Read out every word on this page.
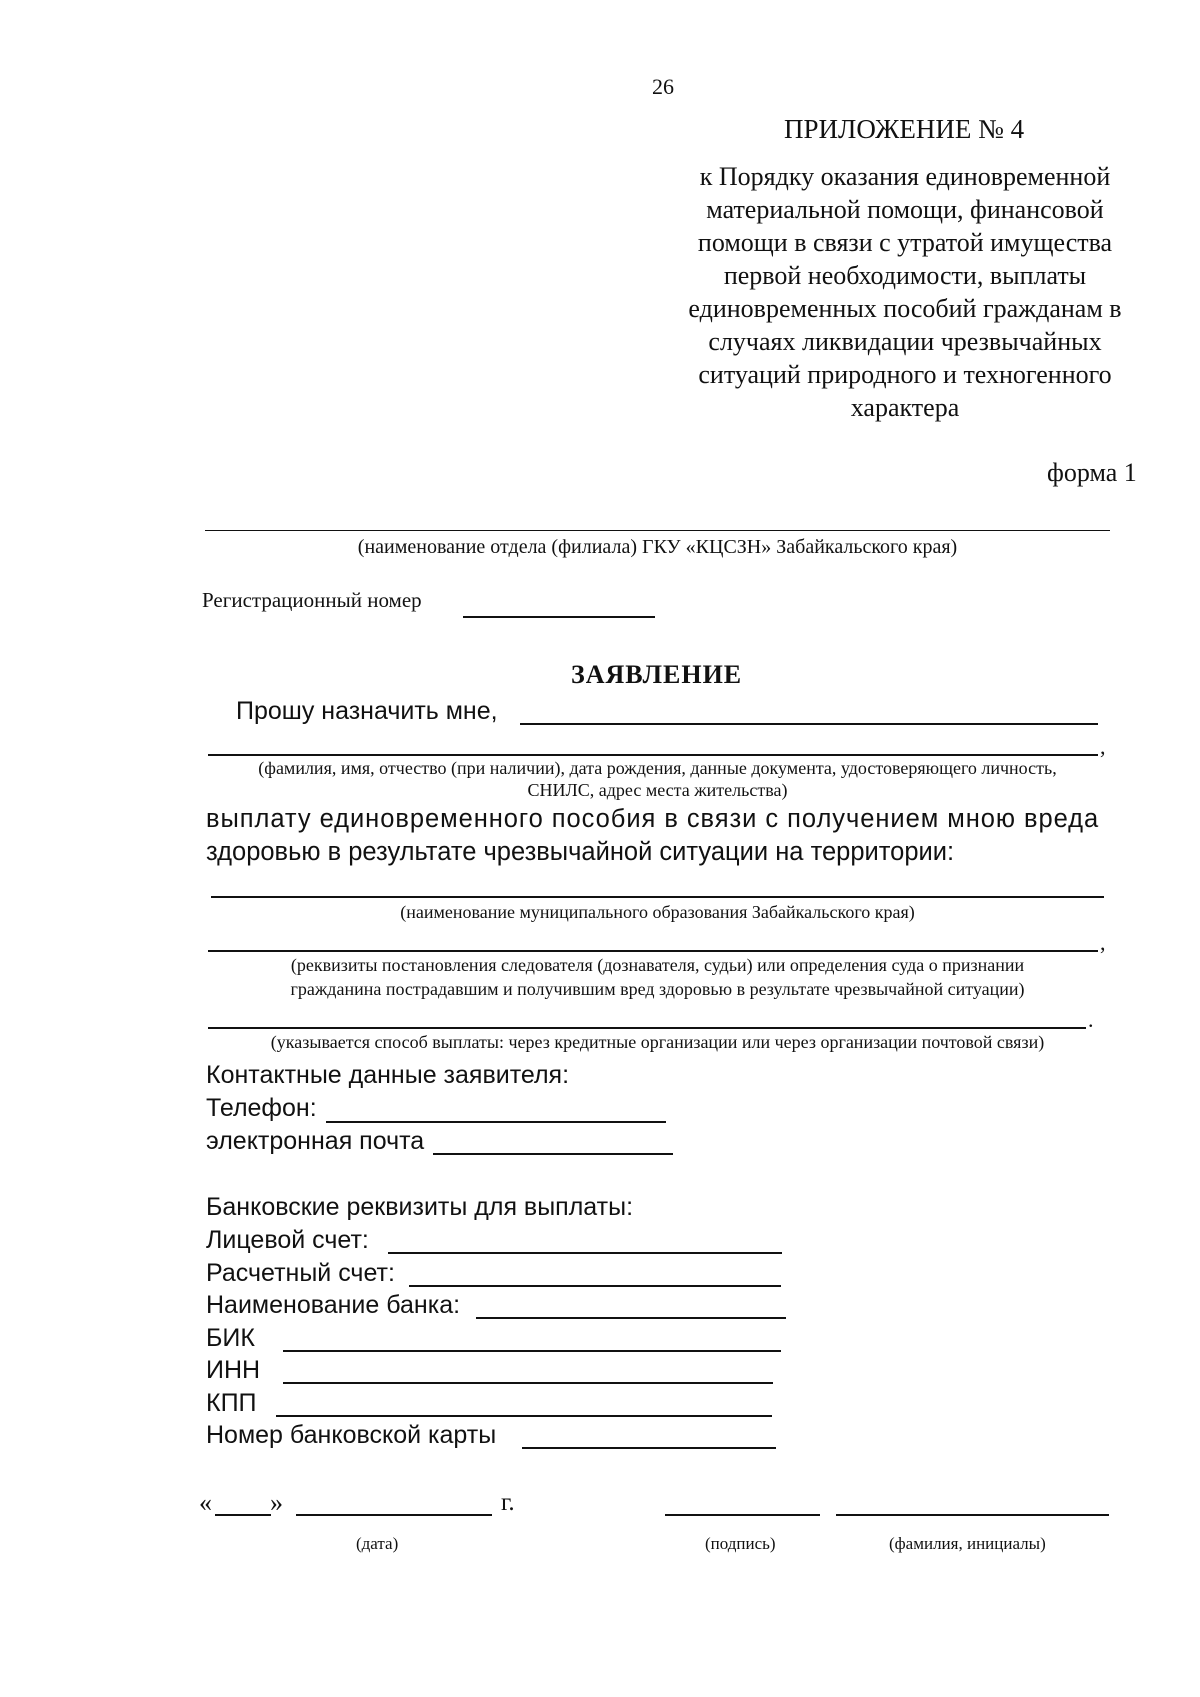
26
ПРИЛОЖЕНИЕ № 4
к Порядку оказания единовременной
материальной помощи, финансовой
помощи в связи с утратой имущества
первой необходимости, выплаты
единовременных пособий гражданам в
случаях ликвидации чрезвычайных
ситуаций природного и техногенного
характера
форма 1
(наименование отдела (филиала) ГКУ «КЦСЗН» Забайкальского края)
Регистрационный номер
ЗАЯВЛЕНИЕ
Прошу назначить мне,
,
(фамилия, имя, отчество (при наличии), дата рождения, данные документа, удостоверяющего личность,
СНИЛС, адрес места жительства)
выплату единовременного пособия в связи с получением мною вреда
здоровью в результате чрезвычайной ситуации на территории:
(наименование муниципального образования Забайкальского края)
,
(реквизиты постановления следователя (дознавателя, судьи) или определения суда о признании
гражданина пострадавшим и получившим вред здоровью в результате чрезвычайной ситуации)
.
(указывается способ выплаты: через кредитные организации или через организации почтовой связи)
Контактные данные заявителя:
Телефон:
электронная почта
Банковские реквизиты для выплаты:
Лицевой счет:
Расчетный счет:
Наименование банка:
БИК
ИНН
КПП
Номер банковской карты
« »	г.
(дата)	(подпись)	(фамилия, инициалы)
